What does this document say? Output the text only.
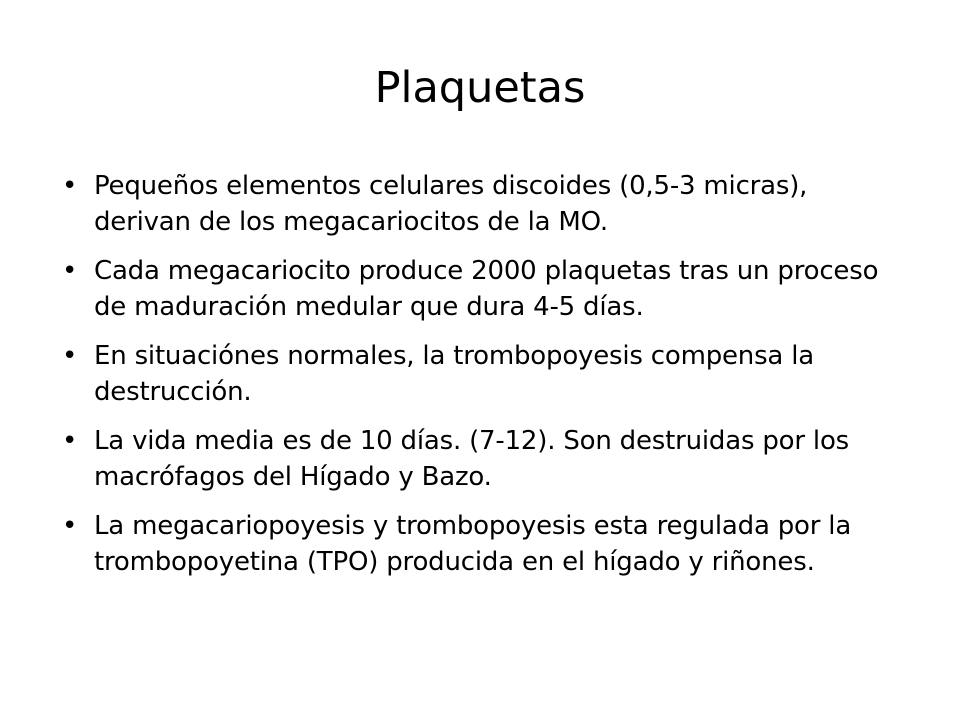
Plaquetas
• Pequeños elementos celulares discoides (0,5-3 micras), derivan de los megacariocitos de la MO.
• Cada megacariocito produce 2000 plaquetas tras un proceso de maduración medular que dura 4-5 días.
• En situaciónes normales, la trombopoyesis compensa la destrucción.
• La vida media es de 10 días. (7-12). Son destruidas por los macrófagos del Hígado y Bazo.
• La megacariopoyesis y trombopoyesis esta regulada por la trombopoyetina (TPO) producida en el hígado y riñones.
